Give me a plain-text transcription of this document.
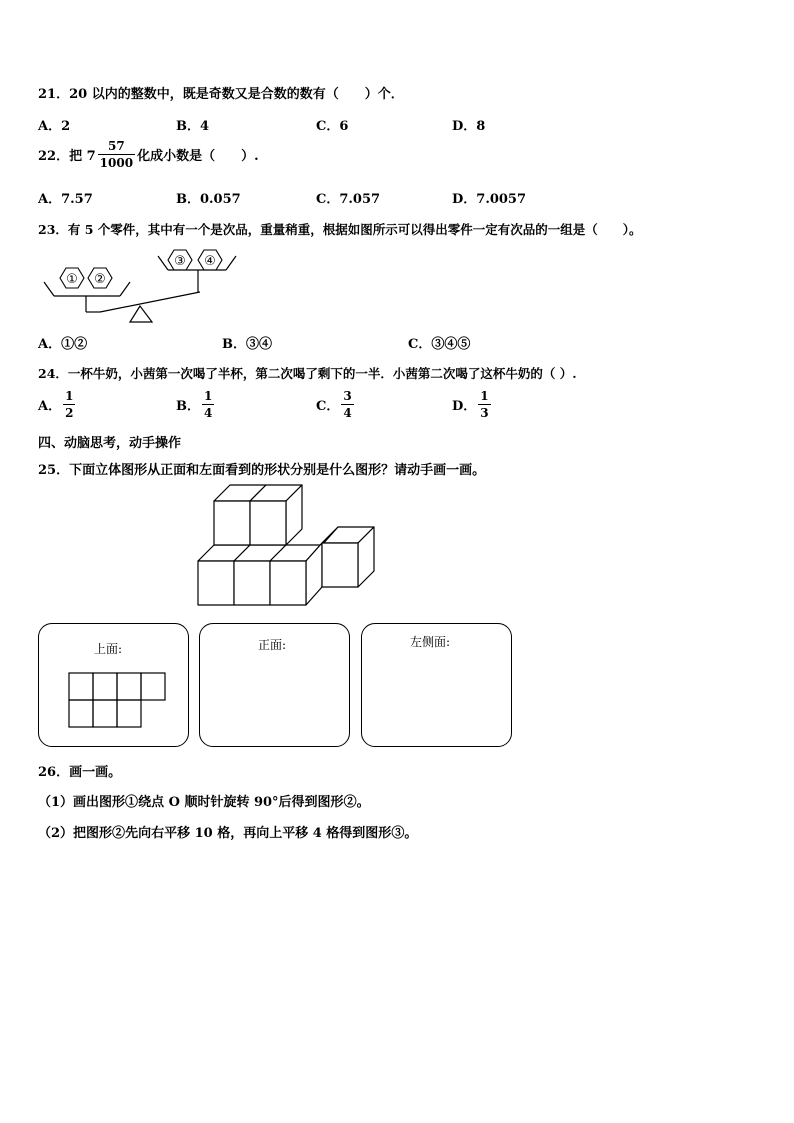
21．20 以内的整数中，既是奇数又是合数的数有（　　）个．
A．2	B．4	C．6	D．8
22．把 $7 \frac{57}{1000}$ 化成小数是（　　）.
A．7.57	B．0.057	C．7.057	D．7.0057
23．有 5 个零件，其中有一个是次品，重量稍重，根据如图所示可以得出零件一定有次品的一组是（　　）。
① ②
③ ④
A．①②	B．③④	C．③④⑤
24．一杯牛奶，小茜第一次喝了半杯，第二次喝了剩下的一半．小茜第二次喝了这杯牛奶的（ ）.
A． $\frac{1}{2}$	B． $\frac{1}{4}$	C． $\frac{3}{4}$	D． $\frac{1}{3}$
四、动脑思考，动手操作
25．下面立体图形从正面和左面看到的形状分别是什么图形？请动手画一画。
上面:	正面:	左侧面:
26．画一画。
（1）画出图形①绕点 O 顺时针旋转 90°后得到图形②。
（2）把图形②先向右平移 10 格，再向上平移 4 格得到图形③。
